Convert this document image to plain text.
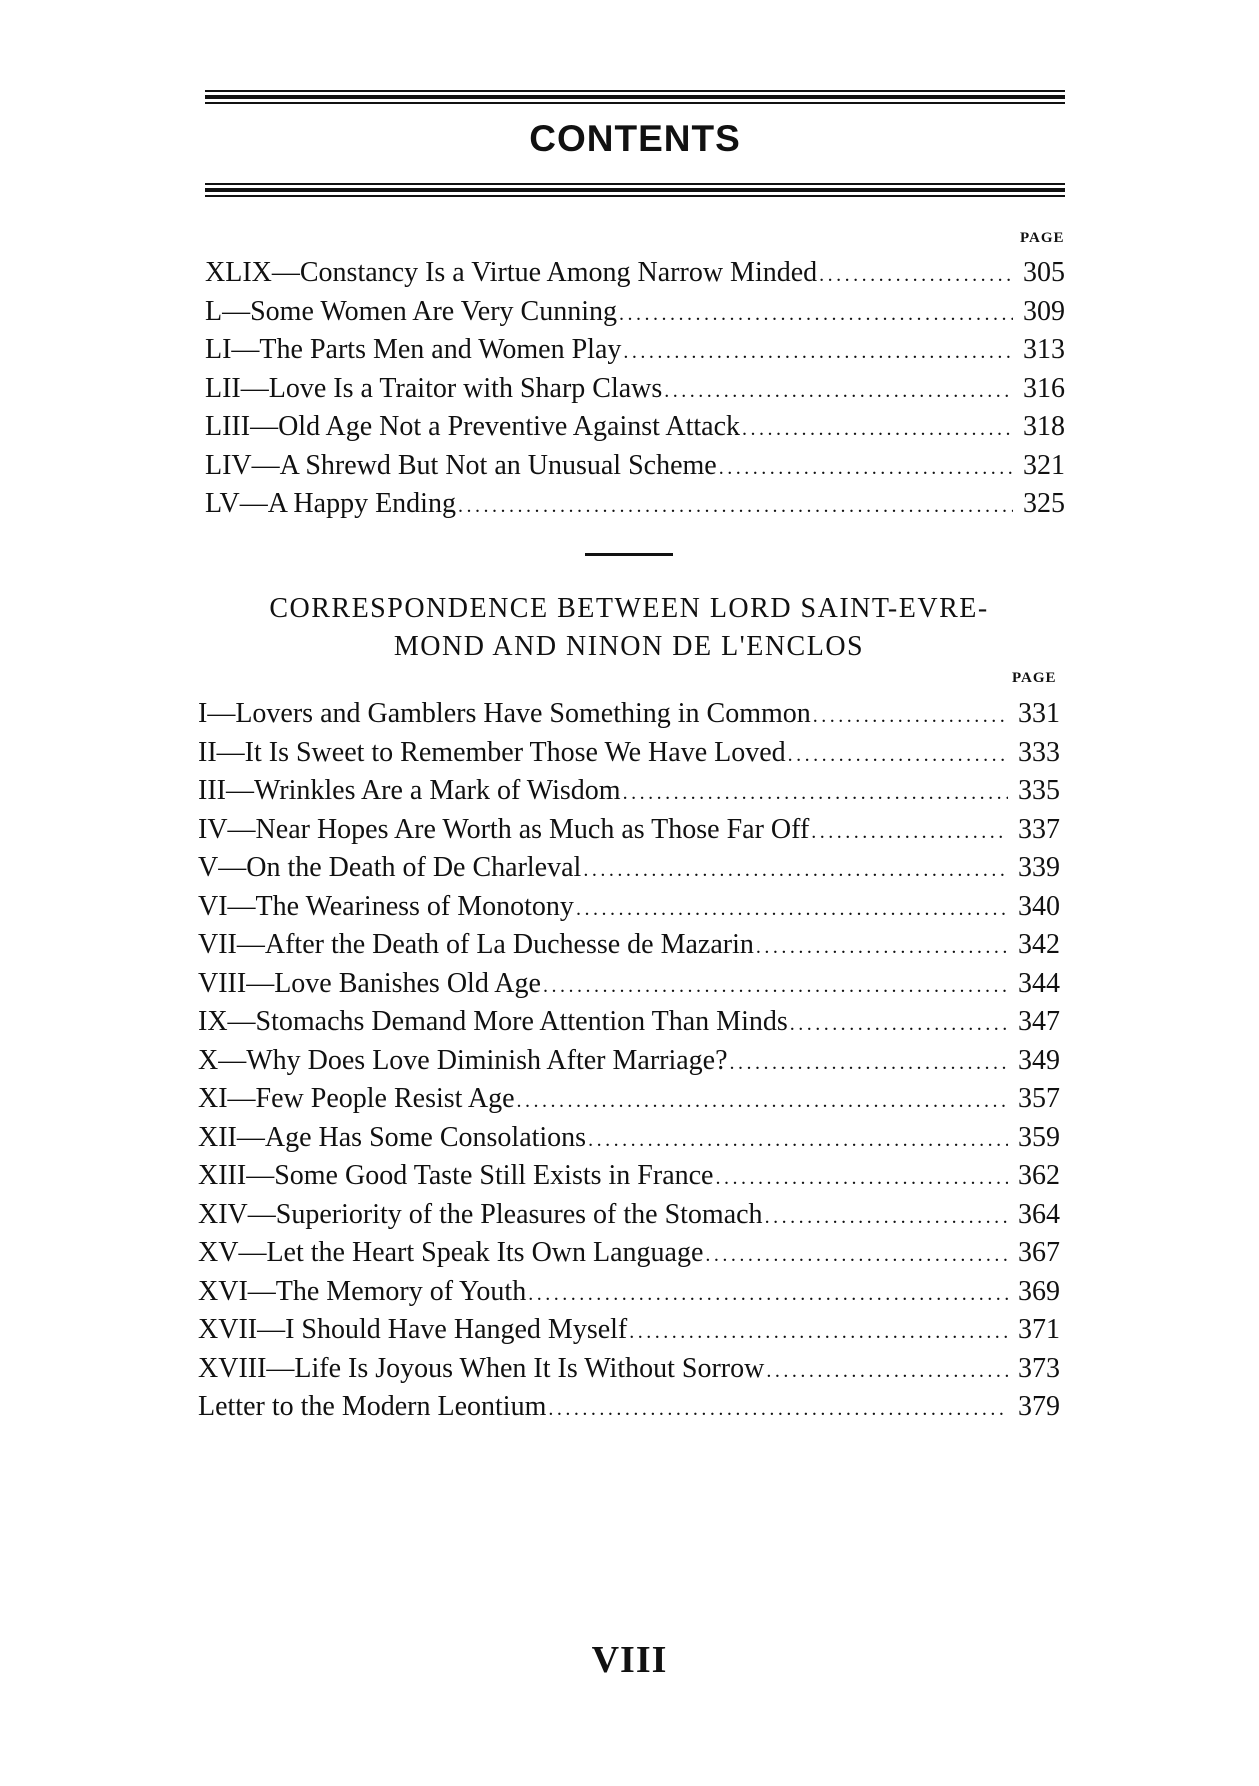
CONTENTS
PAGE
XLIX—Constancy Is a Virtue Among Narrow Minded .....	305
L—Some Women Are Very Cunning .....	309
LI—The Parts Men and Women Play .....	313
LII—Love Is a Traitor with Sharp Claws .....	316
LIII—Old Age Not a Preventive Against Attack .....	318
LIV—A Shrewd But Not an Unusual Scheme .....	321
LV—A Happy Ending .....	325
CORRESPONDENCE BETWEEN LORD SAINT-EVRE-
MOND AND NINON DE L'ENCLOS
PAGE
I—Lovers and Gamblers Have Something in Common .....	331
II—It Is Sweet to Remember Those We Have Loved .....	333
III—Wrinkles Are a Mark of Wisdom .....	335
IV—Near Hopes Are Worth as Much as Those Far Off .....	337
V—On the Death of De Charleval .....	339
VI—The Weariness of Monotony .....	340
VII—After the Death of La Duchesse de Mazarin .....	342
VIII—Love Banishes Old Age .....	344
IX—Stomachs Demand More Attention Than Minds .....	347
X—Why Does Love Diminish After Marriage? .....	349
XI—Few People Resist Age .....	357
XII—Age Has Some Consolations .....	359
XIII—Some Good Taste Still Exists in France .....	362
XIV—Superiority of the Pleasures of the Stomach .....	364
XV—Let the Heart Speak Its Own Language .....	367
XVI—The Memory of Youth .....	369
XVII—I Should Have Hanged Myself .....	371
XVIII—Life Is Joyous When It Is Without Sorrow .....	373
Letter to the Modern Leontium .....	379
VIII
